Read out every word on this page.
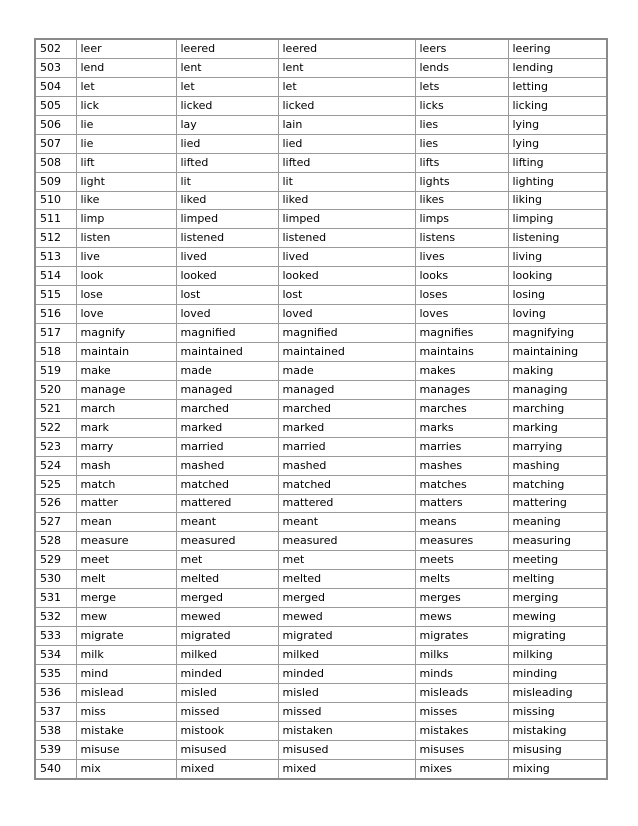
502	leer	leered	leered	leers	leering
503	lend	lent	lent	lends	lending
504	let	let	let	lets	letting
505	lick	licked	licked	licks	licking
506	lie	lay	lain	lies	lying
507	lie	lied	lied	lies	lying
508	lift	lifted	lifted	lifts	lifting
509	light	lit	lit	lights	lighting
510	like	liked	liked	likes	liking
511	limp	limped	limped	limps	limping
512	listen	listened	listened	listens	listening
513	live	lived	lived	lives	living
514	look	looked	looked	looks	looking
515	lose	lost	lost	loses	losing
516	love	loved	loved	loves	loving
517	magnify	magnified	magnified	magnifies	magnifying
518	maintain	maintained	maintained	maintains	maintaining
519	make	made	made	makes	making
520	manage	managed	managed	manages	managing
521	march	marched	marched	marches	marching
522	mark	marked	marked	marks	marking
523	marry	married	married	marries	marrying
524	mash	mashed	mashed	mashes	mashing
525	match	matched	matched	matches	matching
526	matter	mattered	mattered	matters	mattering
527	mean	meant	meant	means	meaning
528	measure	measured	measured	measures	measuring
529	meet	met	met	meets	meeting
530	melt	melted	melted	melts	melting
531	merge	merged	merged	merges	merging
532	mew	mewed	mewed	mews	mewing
533	migrate	migrated	migrated	migrates	migrating
534	milk	milked	milked	milks	milking
535	mind	minded	minded	minds	minding
536	mislead	misled	misled	misleads	misleading
537	miss	missed	missed	misses	missing
538	mistake	mistook	mistaken	mistakes	mistaking
539	misuse	misused	misused	misuses	misusing
540	mix	mixed	mixed	mixes	mixing
